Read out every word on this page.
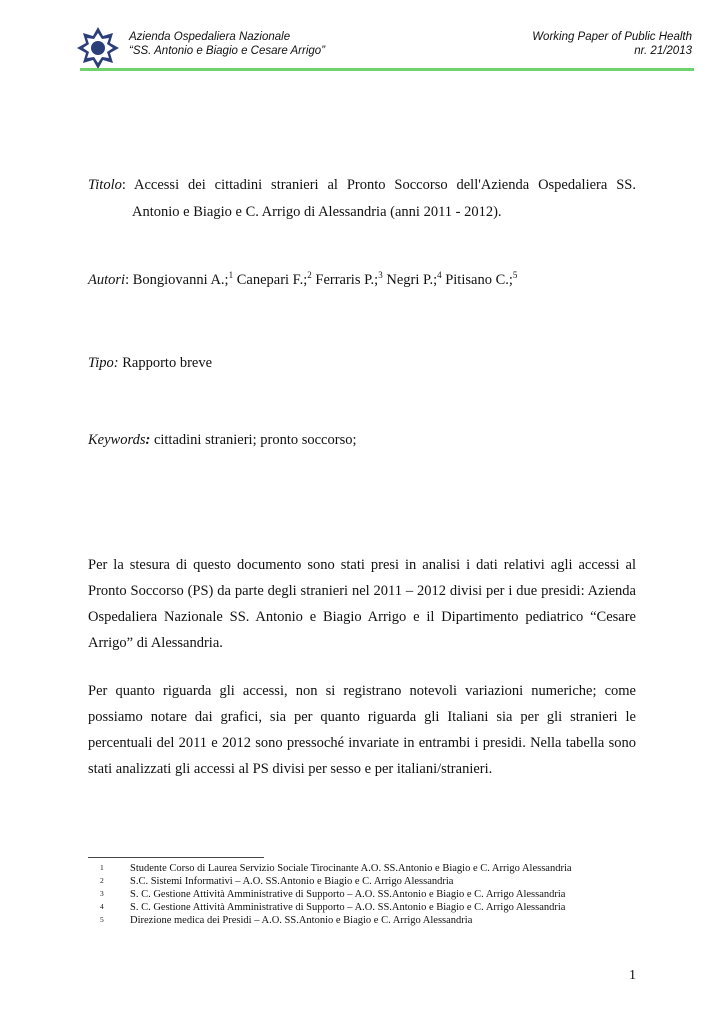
Azienda Ospedaliera Nazionale
“SS. Antonio e Biagio e Cesare Arrigo”
Working Paper of Public Health
nr. 21/2013
Titolo: Accessi dei cittadini stranieri al Pronto Soccorso dell'Azienda Ospedaliera SS.
Antonio e Biagio e C. Arrigo di Alessandria (anni 2011 - 2012).
Autori: Bongiovanni A.;$^1$ Canepari F.;$^2$ Ferraris P.;$^3$ Negri P.;$^4$ Pitisano C.;$^5$
Tipo: Rapporto breve
Keywords: cittadini stranieri; pronto soccorso;
Per la stesura di questo documento sono stati presi in analisi i dati relativi agli accessi al Pronto Soccorso (PS) da parte degli stranieri nel 2011 – 2012 divisi per i due presidi: Azienda Ospedaliera Nazionale SS. Antonio e Biagio Arrigo e il Dipartimento pediatrico “Cesare Arrigo” di Alessandria.
Per quanto riguarda gli accessi, non si registrano notevoli variazioni numeriche; come possiamo notare dai grafici, sia per quanto riguarda gli Italiani sia per gli stranieri le percentuali del 2011 e 2012 sono pressoché invariate in entrambi i presidi. Nella tabella sono stati analizzati gli accessi al PS divisi per sesso e per italiani/stranieri.
1	Studente Corso di Laurea Servizio Sociale Tirocinante A.O. SS.Antonio e Biagio e C. Arrigo Alessandria
2	S.C. Sistemi Informativi – A.O. SS.Antonio e Biagio e C. Arrigo Alessandria
3	S. C. Gestione Attività Amministrative di Supporto – A.O. SS.Antonio e Biagio e C. Arrigo Alessandria
4	S. C. Gestione Attività Amministrative di Supporto – A.O. SS.Antonio e Biagio e C. Arrigo Alessandria
5	Direzione medica dei Presidi – A.O. SS.Antonio e Biagio e C. Arrigo Alessandria
1
